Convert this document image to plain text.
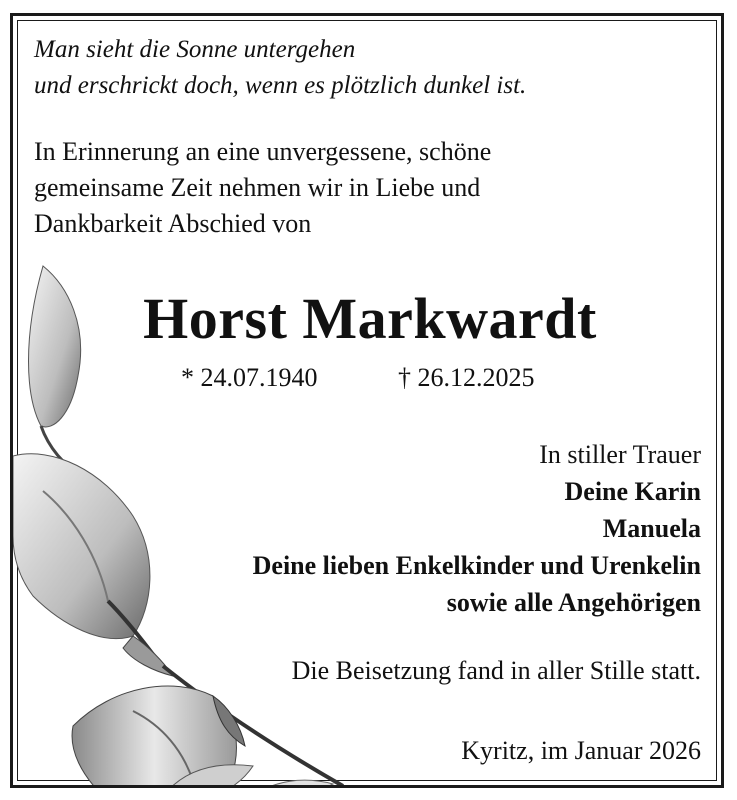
Man sieht die Sonne untergehen
und erschrickt doch, wenn es plötzlich dunkel ist.
In Erinnerung an eine unvergessene, schöne
gemeinsame Zeit nehmen wir in Liebe und
Dankbarkeit Abschied von
Horst Markwardt
* 24.07.1940	† 26.12.2025
In stiller Trauer
Deine Karin
Manuela
Deine lieben Enkelkinder und Urenkelin
sowie alle Angehörigen
Die Beisetzung fand in aller Stille statt.
Kyritz, im Januar 2026
